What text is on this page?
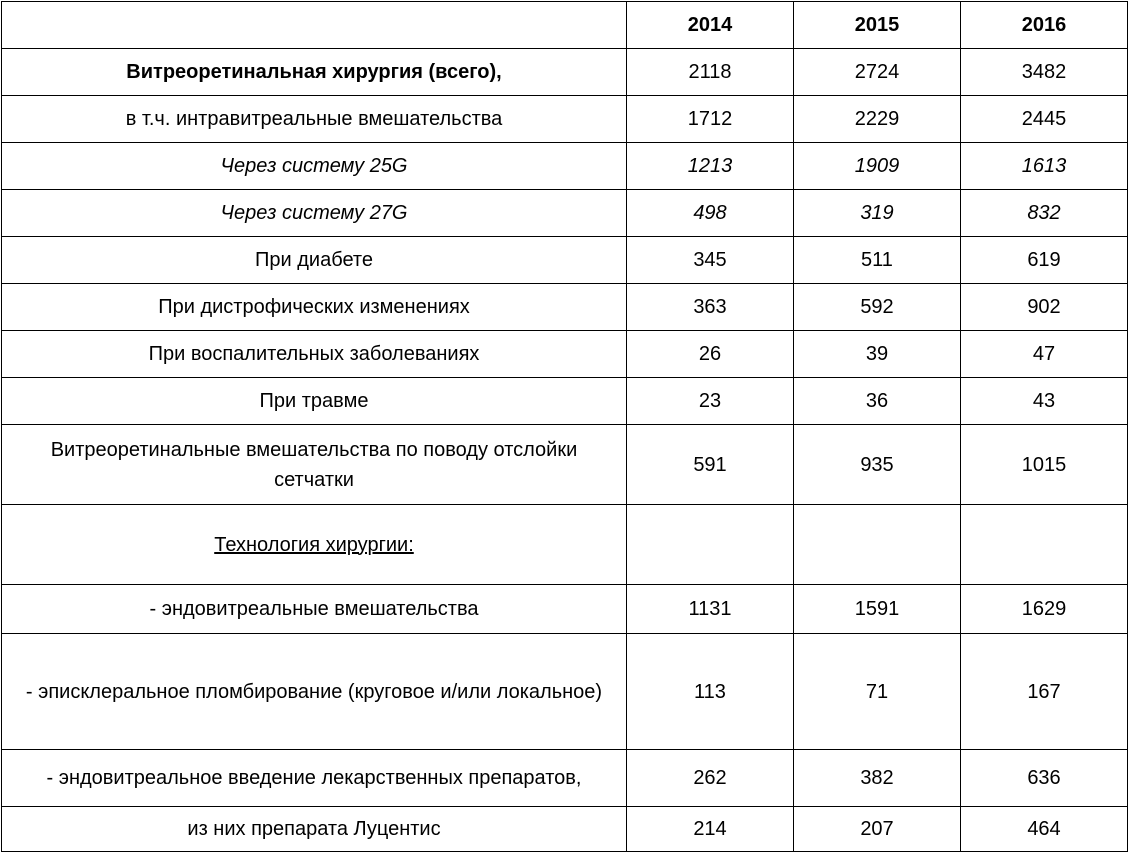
	2014	2015	2016
Витреоретинальная хирургия (всего),	2118	2724	3482
в т.ч. интравитреальные вмешательства	1712	2229	2445
Через систему 25G	1213	1909	1613
Через систему 27G	498	319	832
При диабете	345	511	619
При дистрофических изменениях	363	592	902
При воспалительных заболеваниях	26	39	47
При травме	23	36	43
Витреоретинальные вмешательства по поводу отслойки сетчатки	591	935	1015
Технология хирургии:			
- эндовитреальные вмешательства	1131	1591	1629
- эписклеральное пломбирование (круговое и/или локальное)	113	71	167
- эндовитреальное введение лекарственных препаратов,	262	382	636
из них препарата Луцентис	214	207	464
